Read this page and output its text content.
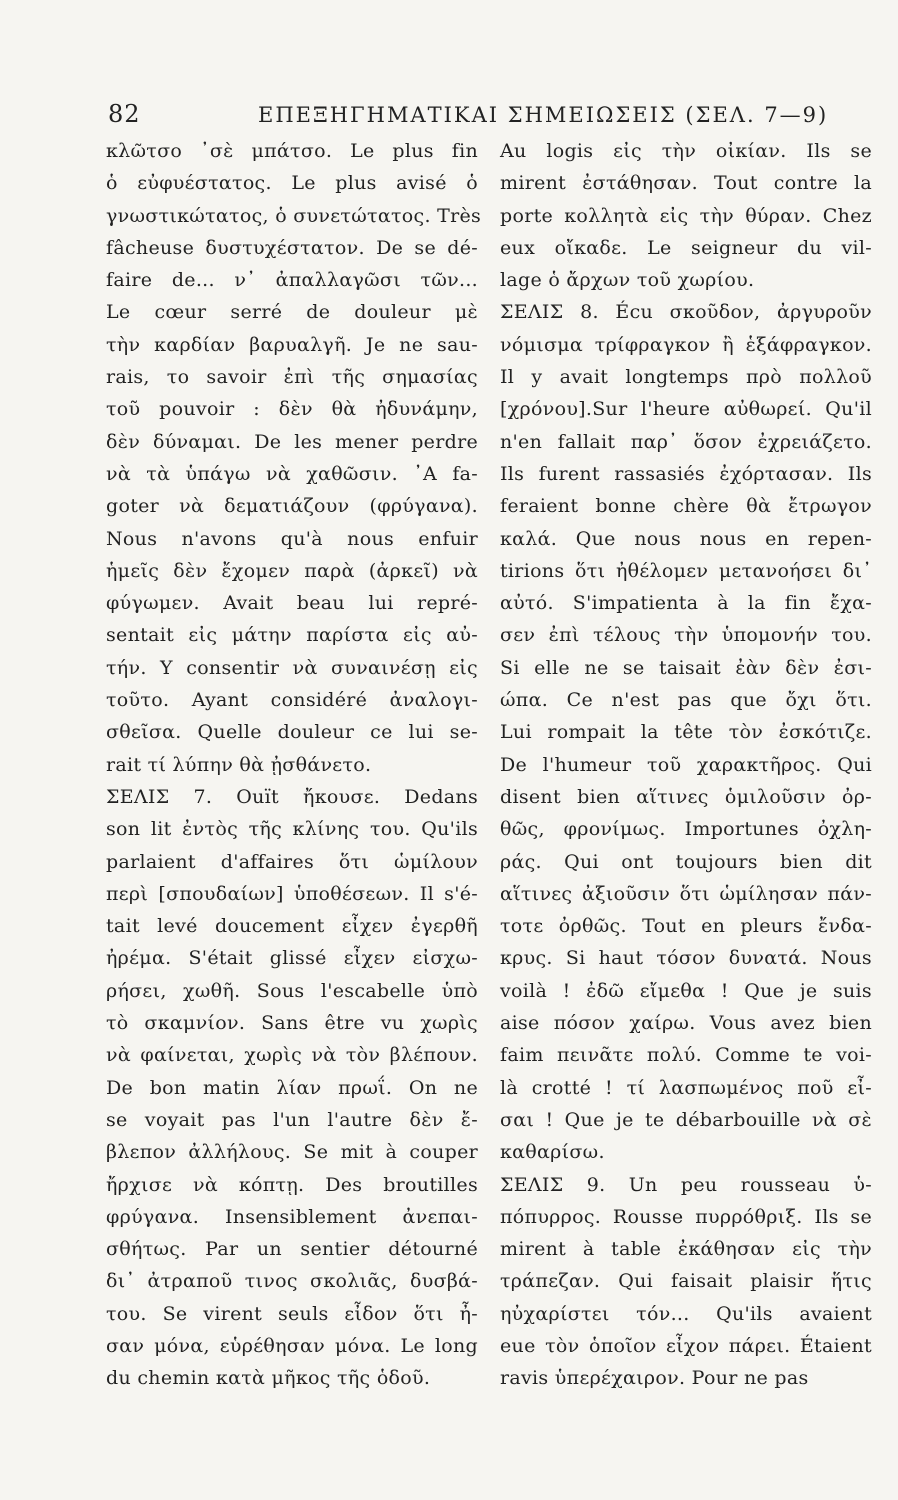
82	ΕΠΕΞΗΓΗΜΑΤΙΚΑΙ ΣΗΜΕΙΩΣΕΙΣ (ΣΕΛ. 7—9)
κλῶτσο ᾽σὲ μπάτσο. Le plus fin
ὁ εὐφυέστατος. Le plus avisé ὁ
γνωστικώτατος, ὁ συνετώτατος. Très
fâcheuse δυστυχέστατον. De se dé-
faire de... ν᾽ ἀπαλλαγῶσι τῶν...
Le cœur serré de douleur μὲ
τὴν καρδίαν βαρυαλγῆ. Je ne sau-
rais, το savoir ἐπὶ τῆς σημασίας
τοῦ pouvoir : δὲν θὰ ἠδυνάμην,
δὲν δύναμαι. De les mener perdre
νὰ τὰ ὑπάγω νὰ χαθῶσιν. ᾽Α fa-
goter νὰ δεματιάζουν (φρύγανα).
Nous n'avons qu'à nous enfuir
ἡμεῖς δὲν ἔχομεν παρὰ (ἀρκεῖ) νὰ
φύγωμεν. Avait beau lui repré-
sentait εἰς μάτην παρίστα εἰς αὐ-
τήν. Y consentir νὰ συναινέσῃ εἰς
τοῦτο. Ayant considéré ἀναλογι-
σθεῖσα. Quelle douleur ce lui se-
rait τί λύπην θὰ ᾐσθάνετο.
ΣΕΛΙΣ 7. Ouït ἤκουσε. Dedans
son lit ἐντὸς τῆς κλίνης του. Qu'ils
parlaient d'affaires ὅτι ὡμίλουν
περὶ [σπουδαίων] ὑποθέσεων. Il s'é-
tait levé doucement εἶχεν ἐγερθῆ
ἠρέμα. S'était glissé εἶχεν εἰσχω-
ρήσει, χωθῆ. Sous l'escabelle ὑπὸ
τὸ σκαμνίον. Sans être vu χωρὶς
νὰ φαίνεται, χωρὶς νὰ τὸν βλέπουν.
De bon matin λίαν πρωΐ. On ne
se voyait pas l'un l'autre δὲν ἔ-
βλεπον ἀλλήλους. Se mit à couper
ἤρχισε νὰ κόπτῃ. Des broutilles
φρύγανα. Insensiblement ἀνεπαι-
σθήτως. Par un sentier détourné
δι᾽ ἀτραποῦ τινος σκολιᾶς, δυσβά-
του. Se virent seuls εἶδον ὅτι ἦ-
σαν μόνα, εὑρέθησαν μόνα. Le long
du chemin κατὰ μῆκος τῆς ὁδοῦ.
Au logis εἰς τὴν οἰκίαν. Ils se
mirent ἐστάθησαν. Tout contre la
porte κολλητὰ εἰς τὴν θύραν. Chez
eux οἴκαδε. Le seigneur du vil-
lage ὁ ἄρχων τοῦ χωρίου.
ΣΕΛΙΣ 8. Écu σκοῦδον, ἀργυροῦν
νόμισμα τρίφραγκον ἢ ἑξάφραγκον.
Il y avait longtemps πρὸ πολλοῦ
[χρόνου].Sur l'heure αὐθωρεί. Qu'il
n'en fallait παρ᾽ ὅσον ἐχρειάζετο.
Ils furent rassasiés ἐχόρτασαν. Ils
feraient bonne chère θὰ ἔτρωγον
καλά. Que nous nous en repen-
tirions ὅτι ἠθέλομεν μετανοήσει δι᾽
αὐτό. S'impatienta à la fin ἔχα-
σεν ἐπὶ τέλους τὴν ὑπομονήν του.
Si elle ne se taisait ἐὰν δὲν ἐσι-
ώπα. Ce n'est pas que ὄχι ὅτι.
Lui rompait la tête τὸν ἐσκότιζε.
De l'humeur τοῦ χαρακτῆρος. Qui
disent bien αἵτινες ὁμιλοῦσιν ὀρ-
θῶς, φρονίμως. Importunes ὀχλη-
ράς. Qui ont toujours bien dit
αἵτινες ἀξιοῦσιν ὅτι ὡμίλησαν πάν-
τοτε ὀρθῶς. Tout en pleurs ἔνδα-
κρυς. Si haut τόσον δυνατά. Nous
voilà ! ἐδῶ εἴμεθα ! Que je suis
aise πόσον χαίρω. Vous avez bien
faim πεινᾶτε πολύ. Comme te voi-
là crotté ! τί λασπωμένος ποῦ εἶ-
σαι ! Que je te débarbouille νὰ σὲ
καθαρίσω.
ΣΕΛΙΣ 9. Un peu rousseau ὑ-
πόπυρρος. Rousse πυρρόθριξ. Ils se
mirent à table ἐκάθησαν εἰς τὴν
τράπεζαν. Qui faisait plaisir ἥτις
ηὐχαρίστει τόν... Qu'ils avaient
eue τὸν ὁποῖον εἶχον πάρει. Étaient
ravis ὑπερέχαιρον. Pour ne pas
